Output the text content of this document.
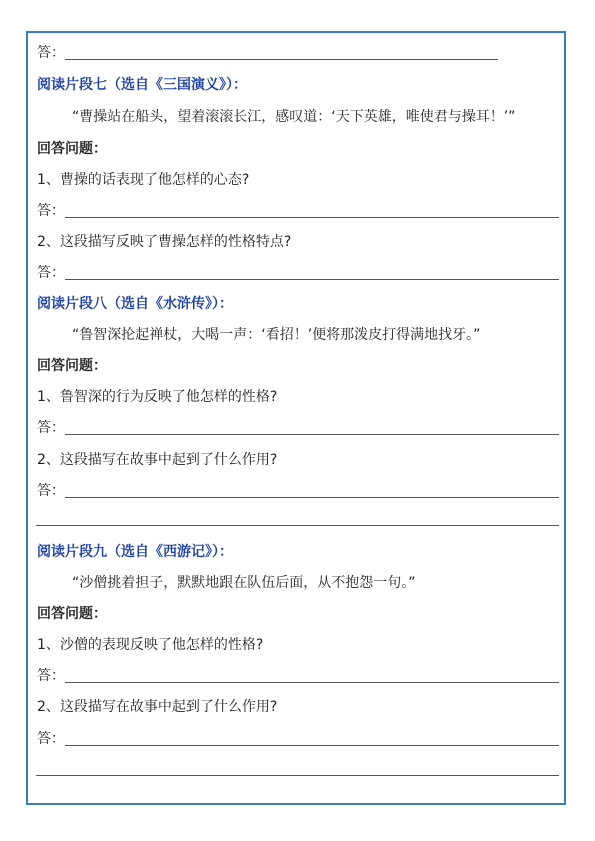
答：
阅读片段七（选自《三国演义》）：
“曹操站在船头，望着滚滚长江，感叹道：‘天下英雄，唯使君与操耳！’”
回答问题：
1、曹操的话表现了他怎样的心态?
答：
2、这段描写反映了曹操怎样的性格特点?
答：
阅读片段八（选自《水浒传》）：
“鲁智深抡起禅杖，大喝一声：‘看招！’便将那泼皮打得满地找牙。”
回答问题：
1、鲁智深的行为反映了他怎样的性格?
答：
2、这段描写在故事中起到了什么作用?
答：
阅读片段九（选自《西游记》）：
“沙僧挑着担子，默默地跟在队伍后面，从不抱怨一句。”
回答问题：
1、沙僧的表现反映了他怎样的性格?
答：
2、这段描写在故事中起到了什么作用?
答：
